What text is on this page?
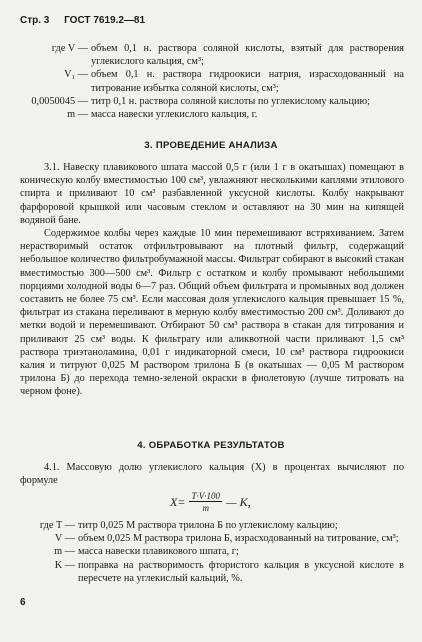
Стр. 3 ГОСТ 7619.2—81
где V — объем 0,1 н. раствора соляной кислоты, взятый для растворения углекислого кальция, см³;
V₁ — объем 0,1 н. раствора гидроокиси натрия, израсходованный на титрование избытка соляной кислоты, см³;
0,0050045 — титр 0,1 н. раствора соляной кислоты по углекислому кальцию;
m — масса навески углекислого кальция, г.
3. ПРОВЕДЕНИЕ АНАЛИЗА

3.1. Навеску плавикового шпата массой 0,5 г (или 1 г в окатышах) помещают в коническую колбу вместимостью 100 см³, увлажняют несколькими каплями этилового спирта и приливают 10 см³ разбавленной уксусной кислоты. Колбу накрывают фарфоровой крышкой или часовым стеклом и оставляют на 30 мин на кипящей водяной бане.

Содержимое колбы через каждые 10 мин перемешивают встряхиванием. Затем нерастворимый остаток отфильтровывают на плотный фильтр, содержащий небольшое количество фильтробумажной массы. Фильтрат собирают в высокий стакан вместимостью 300—500 см³. Фильтр с остатком и колбу промывают небольшими порциями холодной воды 6—7 раз. Общий объем фильтрата и промывных вод должен составить не более 75 см³. Если массовая доля углекислого кальция превышает 15 %, фильтрат из стакана переливают в мерную колбу вместимостью 200 см³. Доливают до метки водой и перемешивают. Отбирают 50 см³ раствора в стакан для титрования и приливают 25 см³ воды. К фильтрату или аликвотной части приливают 1,5 см³ раствора триэтаноламина, 0,01 г индикаторной смеси, 10 см³ раствора гидроокиси калия и титруют 0,025 М раствором трилона Б (в окатышах — 0,05 М раствором трилона Б) до перехода темно-зеленой окраски в фиолетовую (лучше титровать на черном фоне).

4. ОБРАБОТКА РЕЗУЛЬТАТОВ

4.1. Массовую долю углекислого кальция (X) в процентах вычисляют по формуле

$X= \frac{T\cdot V\cdot 100}{m}$ — K,
где T — титр 0,025 М раствора трилона Б по углекислому кальцию;
V — объем 0,025 М раствора трилона Б, израсходованный на титрование, см³;
m — масса навески плавикового шпата, г;
K — поправка на растворимость фтористого кальция в уксусной кислоте в пересчете на углекислый кальций, %.
6
